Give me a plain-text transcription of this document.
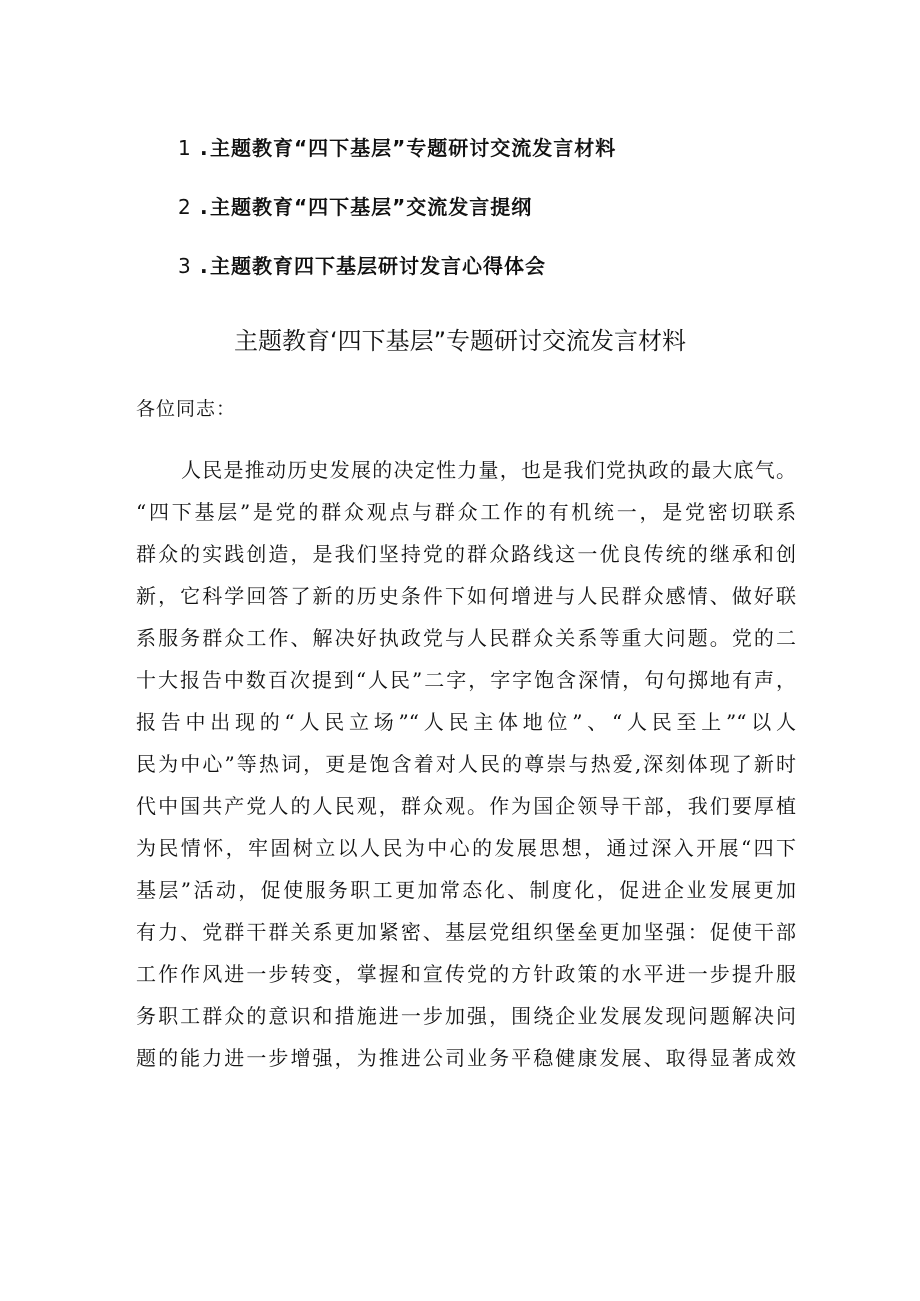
1 .主题教育“四下基层”专题研讨交流发言材料
2 .主题教育“四下基层”交流发言提纲
3 .主题教育四下基层研讨发言心得体会
主题教育‘四下基层”专题研讨交流发言材料
各位同志：
人民是推动历史发展的决定性力量，也是我们党执政的最大底气。
“四下基层”是党的群众观点与群众工作的有机统一，是党密切联系
群众的实践创造，是我们坚持党的群众路线这一优良传统的继承和创
新，它科学回答了新的历史条件下如何增进与人民群众感情、做好联
系服务群众工作、解决好执政党与人民群众关系等重大问题。党的二
十大报告中数百次提到“人民”二字，字字饱含深情，句句掷地有声，
报告中出现的“人民立场”“人民主体地位”、“人民至上”“以人
民为中心”等热词，更是饱含着对人民的尊崇与热爱,深刻体现了新时
代中国共产党人的人民观，群众观。作为国企领导干部，我们要厚植
为民情怀，牢固树立以人民为中心的发展思想，通过深入开展“四下
基层”活动，促使服务职工更加常态化、制度化，促进企业发展更加
有力、党群干群关系更加紧密、基层党组织堡垒更加坚强：促使干部
工作作风进一步转变，掌握和宣传党的方针政策的水平进一步提升服
务职工群众的意识和措施进一步加强，围绕企业发展发现问题解决问
题的能力进一步增强，为推进公司业务平稳健康发展、取得显著成效
